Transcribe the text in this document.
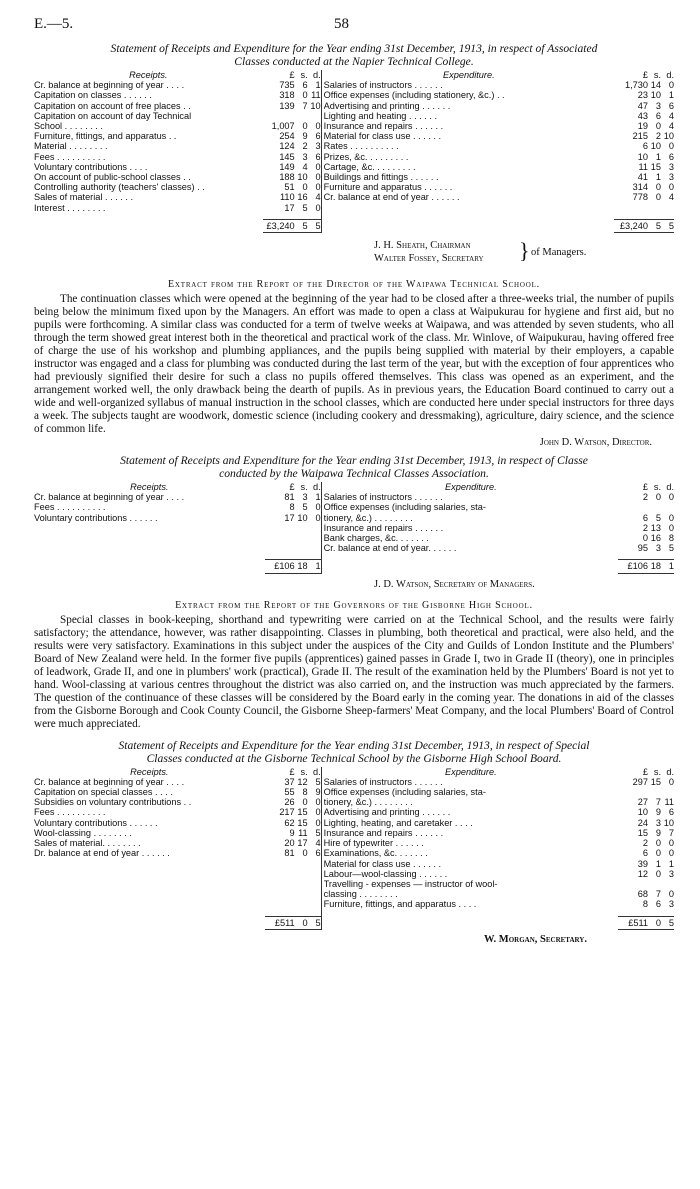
E.—5.	58
Statement of Receipts and Expenditure for the Year ending 31st December, 1913, in respect of Associated
Classes conducted at the Napier Technical College.
Receipts.	£ s. d.
Cr. balance at beginning of year . . . .	735 6 1
Capitation on classes . . . . . .	318 0 11
Capitation on account of free places . .	139 7 10
Capitation on account of day Technical
School . . . . . . . .	1,007 0 0
Furniture, fittings, and apparatus . .	254 9 6
Material . . . . . . . .	124 2 3
Fees . . . . . . . . . .	145 3 6
Voluntary contributions . . . .	149 4 0
On account of public-school classes . .	188 10 0
Controlling authority (teachers' classes) . .	51 0 0
Sales of material . . . . . .	110 16 4
Interest . . . . . . . .	17 5 0
£3,240 5 5
Expenditure.	£ s. d.
Salaries of instructors . . . . . .	1,730 14 0
Office expenses (including stationery, &c.) . .	23 10 1
Advertising and printing . . . . . .	47 3 6
Lighting and heating . . . . . .	43 6 4
Insurance and repairs . . . . . .	19 0 4
Material for class use . . . . . .	215 2 10
Rates . . . . . . . . . .	6 10 0
Prizes, &c. . . . . . . . .	10 1 6
Cartage, &c. . . . . . . . .	11 15 3
Buildings and fittings . . . . . .	41 1 3
Furniture and apparatus . . . . . .	314 0 0
Cr. balance at end of year . . . . . .	778 0 4
£3,240 5 5
J. H. Sheath, Chairman
Walter Fossey, Secretary } of Managers.
Extract from the Report of the Director of the Waipawa Technical School.

The continuation classes which were opened at the beginning of the year had to be closed after a three-weeks trial, the number of pupils being below the minimum fixed upon by the Managers. An effort was made to open a class at Waipukurau for hygiene and first aid, but no pupils were forthcoming. A similar class was conducted for a term of twelve weeks at Waipawa, and was attended by seven students, who all through the term showed great interest both in the theoretical and practical work of the class. Mr. Winlove, of Waipukurau, having offered free of charge the use of his workshop and plumbing appliances, and the pupils being supplied with material by their employers, a capable instructor was engaged and a class for plumbing was conducted during the last term of the year, but with the exception of four apprentices who had previously signified their desire for such a class no pupils offered themselves. This class was opened as an experiment, and the arrangement worked well, the only drawback being the dearth of pupils. As in previous years, the Education Board continued to carry out a wide and well-organized syllabus of manual instruction in the school classes, which are conducted here under special instructors for three days a week. The subjects taught are woodwork, domestic science (including cookery and dressmaking), agriculture, dairy science, and the science of common life.

John D. Watson, Director.
Statement of Receipts and Expenditure for the Year ending 31st December, 1913, in respect of Classe
conducted by the Waipawa Technical Classes Association.
Receipts.	£ s. d.
Cr. balance at beginning of year . . . .	81 3 1
Fees . . . . . . . . . .	8 5 0
Voluntary contributions . . . . . .	17 10 0
£106 18 1
Expenditure.	£ s. d.
Salaries of instructors . . . . . .	2 0 0
Office expenses (including salaries, sta-
tionery, &c.) . . . . . . . .	6 5 0
Insurance and repairs . . . . . .	2 13 0
Bank charges, &c. . . . . . .	0 16 8
Cr. balance at end of year. . . . . .	95 3 5
£106 18 1
J. D. Watson, Secretary of Managers.
Extract from the Report of the Governors of the Gisborne High School.

Special classes in book-keeping, shorthand and typewriting were carried on at the Technical School, and the results were fairly satisfactory; the attendance, however, was rather disappointing. Classes in plumbing, both theoretical and practical, were also held, and the results were very satisfactory. Examinations in this subject under the auspices of the City and Guilds of London Institute and the Plumbers' Board of New Zealand were held. In the former five pupils (apprentices) gained passes in Grade I, two in Grade II (theory), one in principles of leadwork, Grade II, and one in plumbers' work (practical), Grade II. The result of the examination held by the Plumbers' Board is not yet to hand. Wool-classing at various centres throughout the district was also carried on, and the instruction was much appreciated by the farmers. The question of the continuance of these classes will be considered by the Board early in the coming year. The donations in aid of the classes from the Gisborne Borough and Cook County Council, the Gisborne Sheep-farmers' Meat Company, and the local Plumbers' Board of Control were much appreciated.

Statement of Receipts and Expenditure for the Year ending 31st December, 1913, in respect of Special
Classes conducted at the Gisborne Technical School by the Gisborne High School Board.
Receipts.	£ s. d.
Cr. balance at beginning of year . . . .	37 12 5
Capitation on special classes . . . .	55 8 9
Subsidies on voluntary contributions . .	26 0 0
Fees . . . . . . . . . .	217 15 0
Voluntary contributions . . . . . .	62 15 0
Wool-classing . . . . . . . .	9 11 5
Sales of material. . . . . . . .	20 17 4
Dr. balance at end of year . . . . . .	81 0 6
£511 0 5
Expenditure.	£ s. d.
Salaries of instructors . . . . . .	297 15 0
Office expenses (including salaries, sta-
tionery, &c.) . . . . . . . .	27 7 11
Advertising and printing . . . . . .	10 9 6
Lighting, heating, and caretaker . . . .	24 3 10
Insurance and repairs . . . . . .	15 9 7
Hire of typewriter . . . . . .	2 0 0
Examinations, &c. . . . . . .	6 0 0
Material for class use . . . . . .	39 1 1
Labour—wool-classing . . . . . .	12 0 3
Travelling - expenses — instructor of wool-
classing . . . . . . . .	68 7 0
Furniture, fittings, and apparatus . . . .	8 6 3
£511 0 5
W. Morgan, Secretary.
